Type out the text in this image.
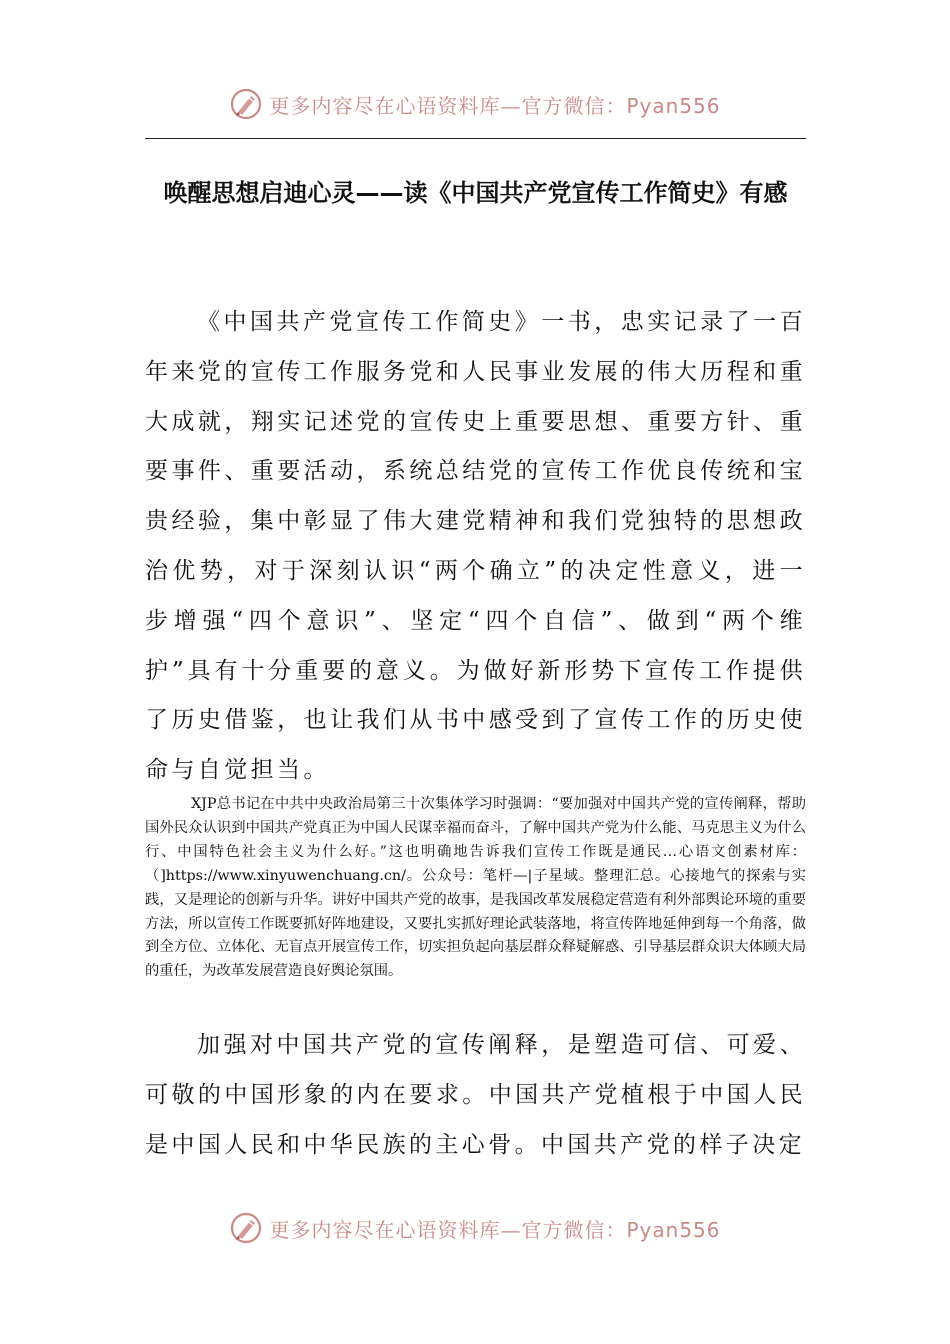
更多内容尽在心语资料库—官方微信：Pyan556
唤醒思想启迪心灵——读《中国共产党宣传工作简史》有感

《中国共产党宣传工作简史》一书，忠实记录了一百年来党的宣传工作服务党和人民事业发展的伟大历程和重大成就，翔实记述党的宣传史上重要思想、重要方针、重要事件、重要活动，系统总结党的宣传工作优良传统和宝贵经验，集中彰显了伟大建党精神和我们党独特的思想政治优势，对于深刻认识“两个确立”的决定性意义，进一步增强“四个意识”、坚定“四个自信”、做到“两个维护”具有十分重要的意义。为做好新形势下宣传工作提供了历史借鉴，也让我们从书中感受到了宣传工作的历史使命与自觉担当。

XJP总书记在中共中央政治局第三十次集体学习时强调：“要加强对中国共产党的宣传阐释，帮助国外民众认识到中国共产党真正为中国人民谋幸福而奋斗，了解中国共产党为什么能、马克思主义为什么行、中国特色社会主义为什么好。”这也明确地告诉我们宣传工作既是通民…心语文创素材库：（]https://www.xinyuwenchuang.cn/。公众号：笔杆—|子星域。整理汇总。心接地气的探索与实践，又是理论的创新与升华。讲好中国共产党的故事，是我国改革发展稳定营造有利外部舆论环境的重要方法，所以宣传工作既要抓好阵地建设，又要扎实抓好理论武装落地，将宣传阵地延伸到每一个角落，做到全方位、立体化、无盲点开展宣传工作，切实担负起向基层群众释疑解惑、引导基层群众识大体顾大局的重任，为改革发展营造良好舆论氛围。

加强对中国共产党的宣传阐释，是塑造可信、可爱、可敬的中国形象的内在要求。中国共产党植根于中国人民是中国人民和中华民族的主心骨。中国共产党的样子决定

更多内容尽在心语资料库—官方微信：Pyan556
